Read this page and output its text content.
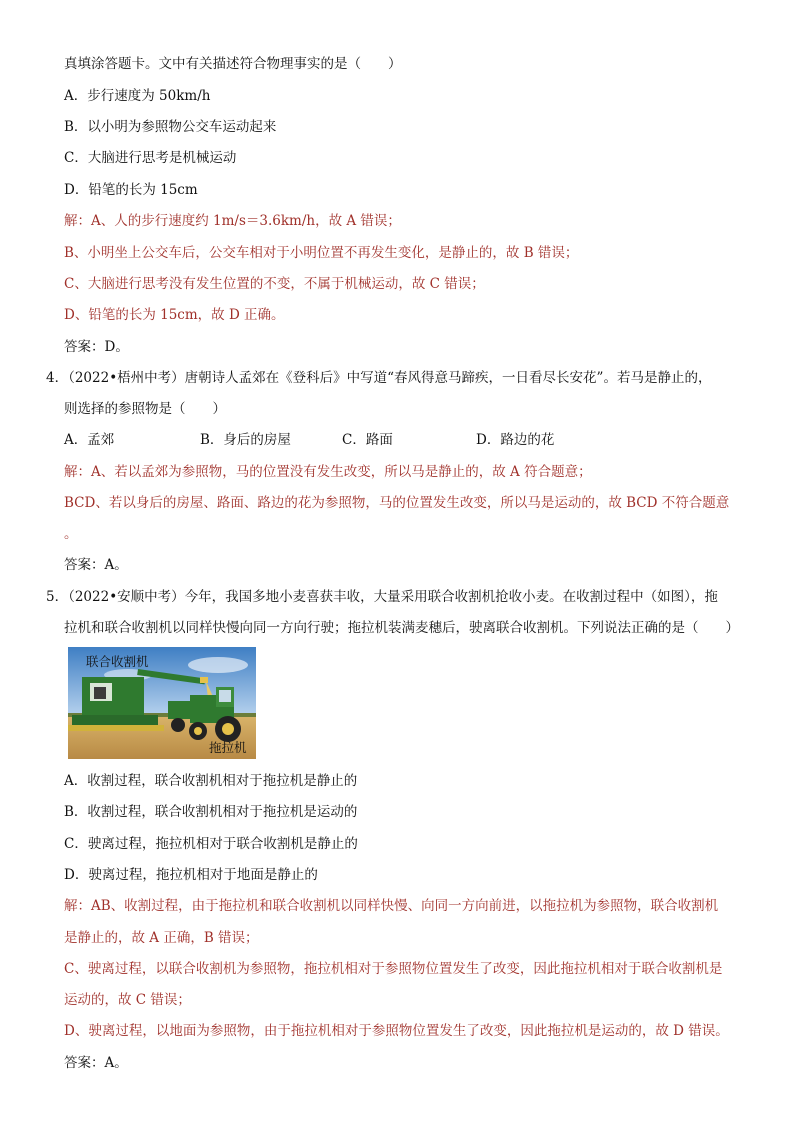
真填涂答题卡。文中有关描述符合物理事实的是（　　）
A．步行速度为 50km/h
B．以小明为参照物公交车运动起来
C．大脑进行思考是机械运动
D．铅笔的长为 15cm
解：A、人的步行速度约 1m/s＝3.6km/h，故 A 错误；
B、小明坐上公交车后，公交车相对于小明位置不再发生变化，是静止的，故 B 错误；
C、大脑进行思考没有发生位置的不变，不属于机械运动，故 C 错误；
D、铅笔的长为 15cm，故 D 正确。
答案：D。
4．（2022•梧州中考）唐朝诗人孟郊在《登科后》中写道“春风得意马蹄疾，一日看尽长安花”。若马是静止的，
则选择的参照物是（　　）
A．孟郊	B．身后的房屋	C．路面	D．路边的花
解：A、若以孟郊为参照物，马的位置没有发生改变，所以马是静止的，故 A 符合题意；
BCD、若以身后的房屋、路面、路边的花为参照物，马的位置发生改变，所以马是运动的，故 BCD 不符合题意
。
答案：A。
5．（2022•安顺中考）今年，我国多地小麦喜获丰收，大量采用联合收割机抢收小麦。在收割过程中（如图），拖
拉机和联合收割机以同样快慢向同一方向行驶；拖拉机装满麦穗后，驶离联合收割机。下列说法正确的是（　　）
联合收割机
拖拉机
A．收割过程，联合收割机相对于拖拉机是静止的
B．收割过程，联合收割机相对于拖拉机是运动的
C．驶离过程，拖拉机相对于联合收割机是静止的
D．驶离过程，拖拉机相对于地面是静止的
解：AB、收割过程，由于拖拉机和联合收割机以同样快慢、向同一方向前进，以拖拉机为参照物，联合收割机
是静止的，故 A 正确，B 错误；
C、驶离过程，以联合收割机为参照物，拖拉机相对于参照物位置发生了改变，因此拖拉机相对于联合收割机是
运动的，故 C 错误；
D、驶离过程，以地面为参照物，由于拖拉机相对于参照物位置发生了改变，因此拖拉机是运动的，故 D 错误。
答案：A。
